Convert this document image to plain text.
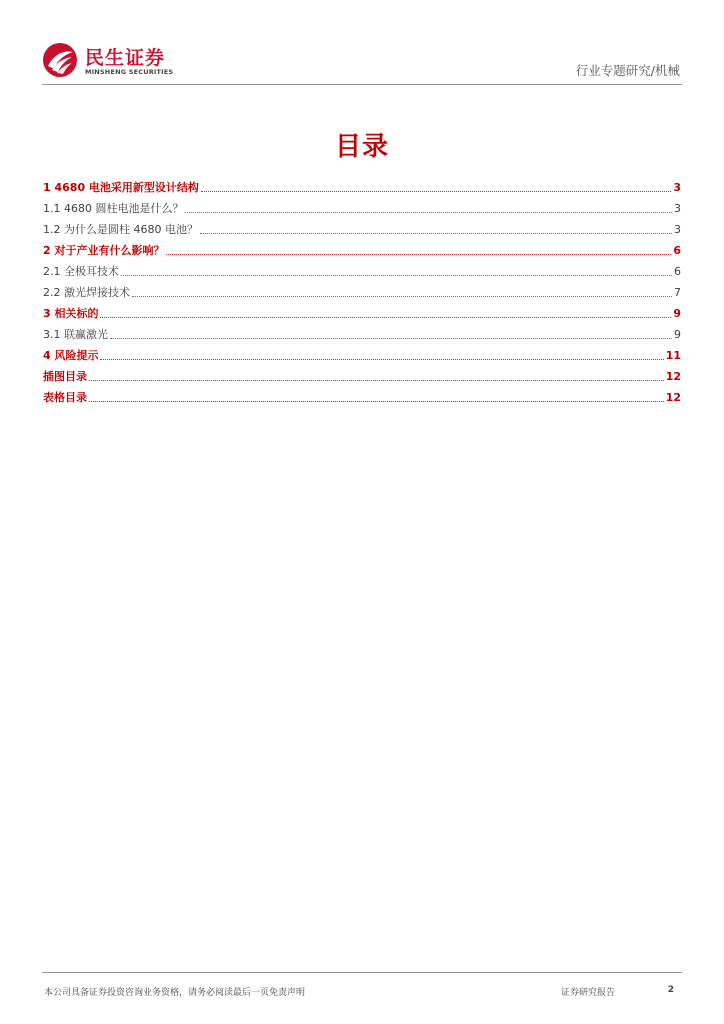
民生证券
MINSHENG SECURITIES	行业专题研究/机械
目录
1 4680 电池采用新型设计结构	3
1.1 4680 圆柱电池是什么？	3
1.2 为什么是圆柱 4680 电池？	3
2 对于产业有什么影响？	6
2.1 全极耳技术	6
2.2 激光焊接技术	7
3 相关标的	9
3.1 联赢激光	9
4 风险提示	11
插图目录	12
表格目录	12
本公司具备证券投资咨询业务资格，请务必阅读最后一页免责声明	证券研究报告	2
